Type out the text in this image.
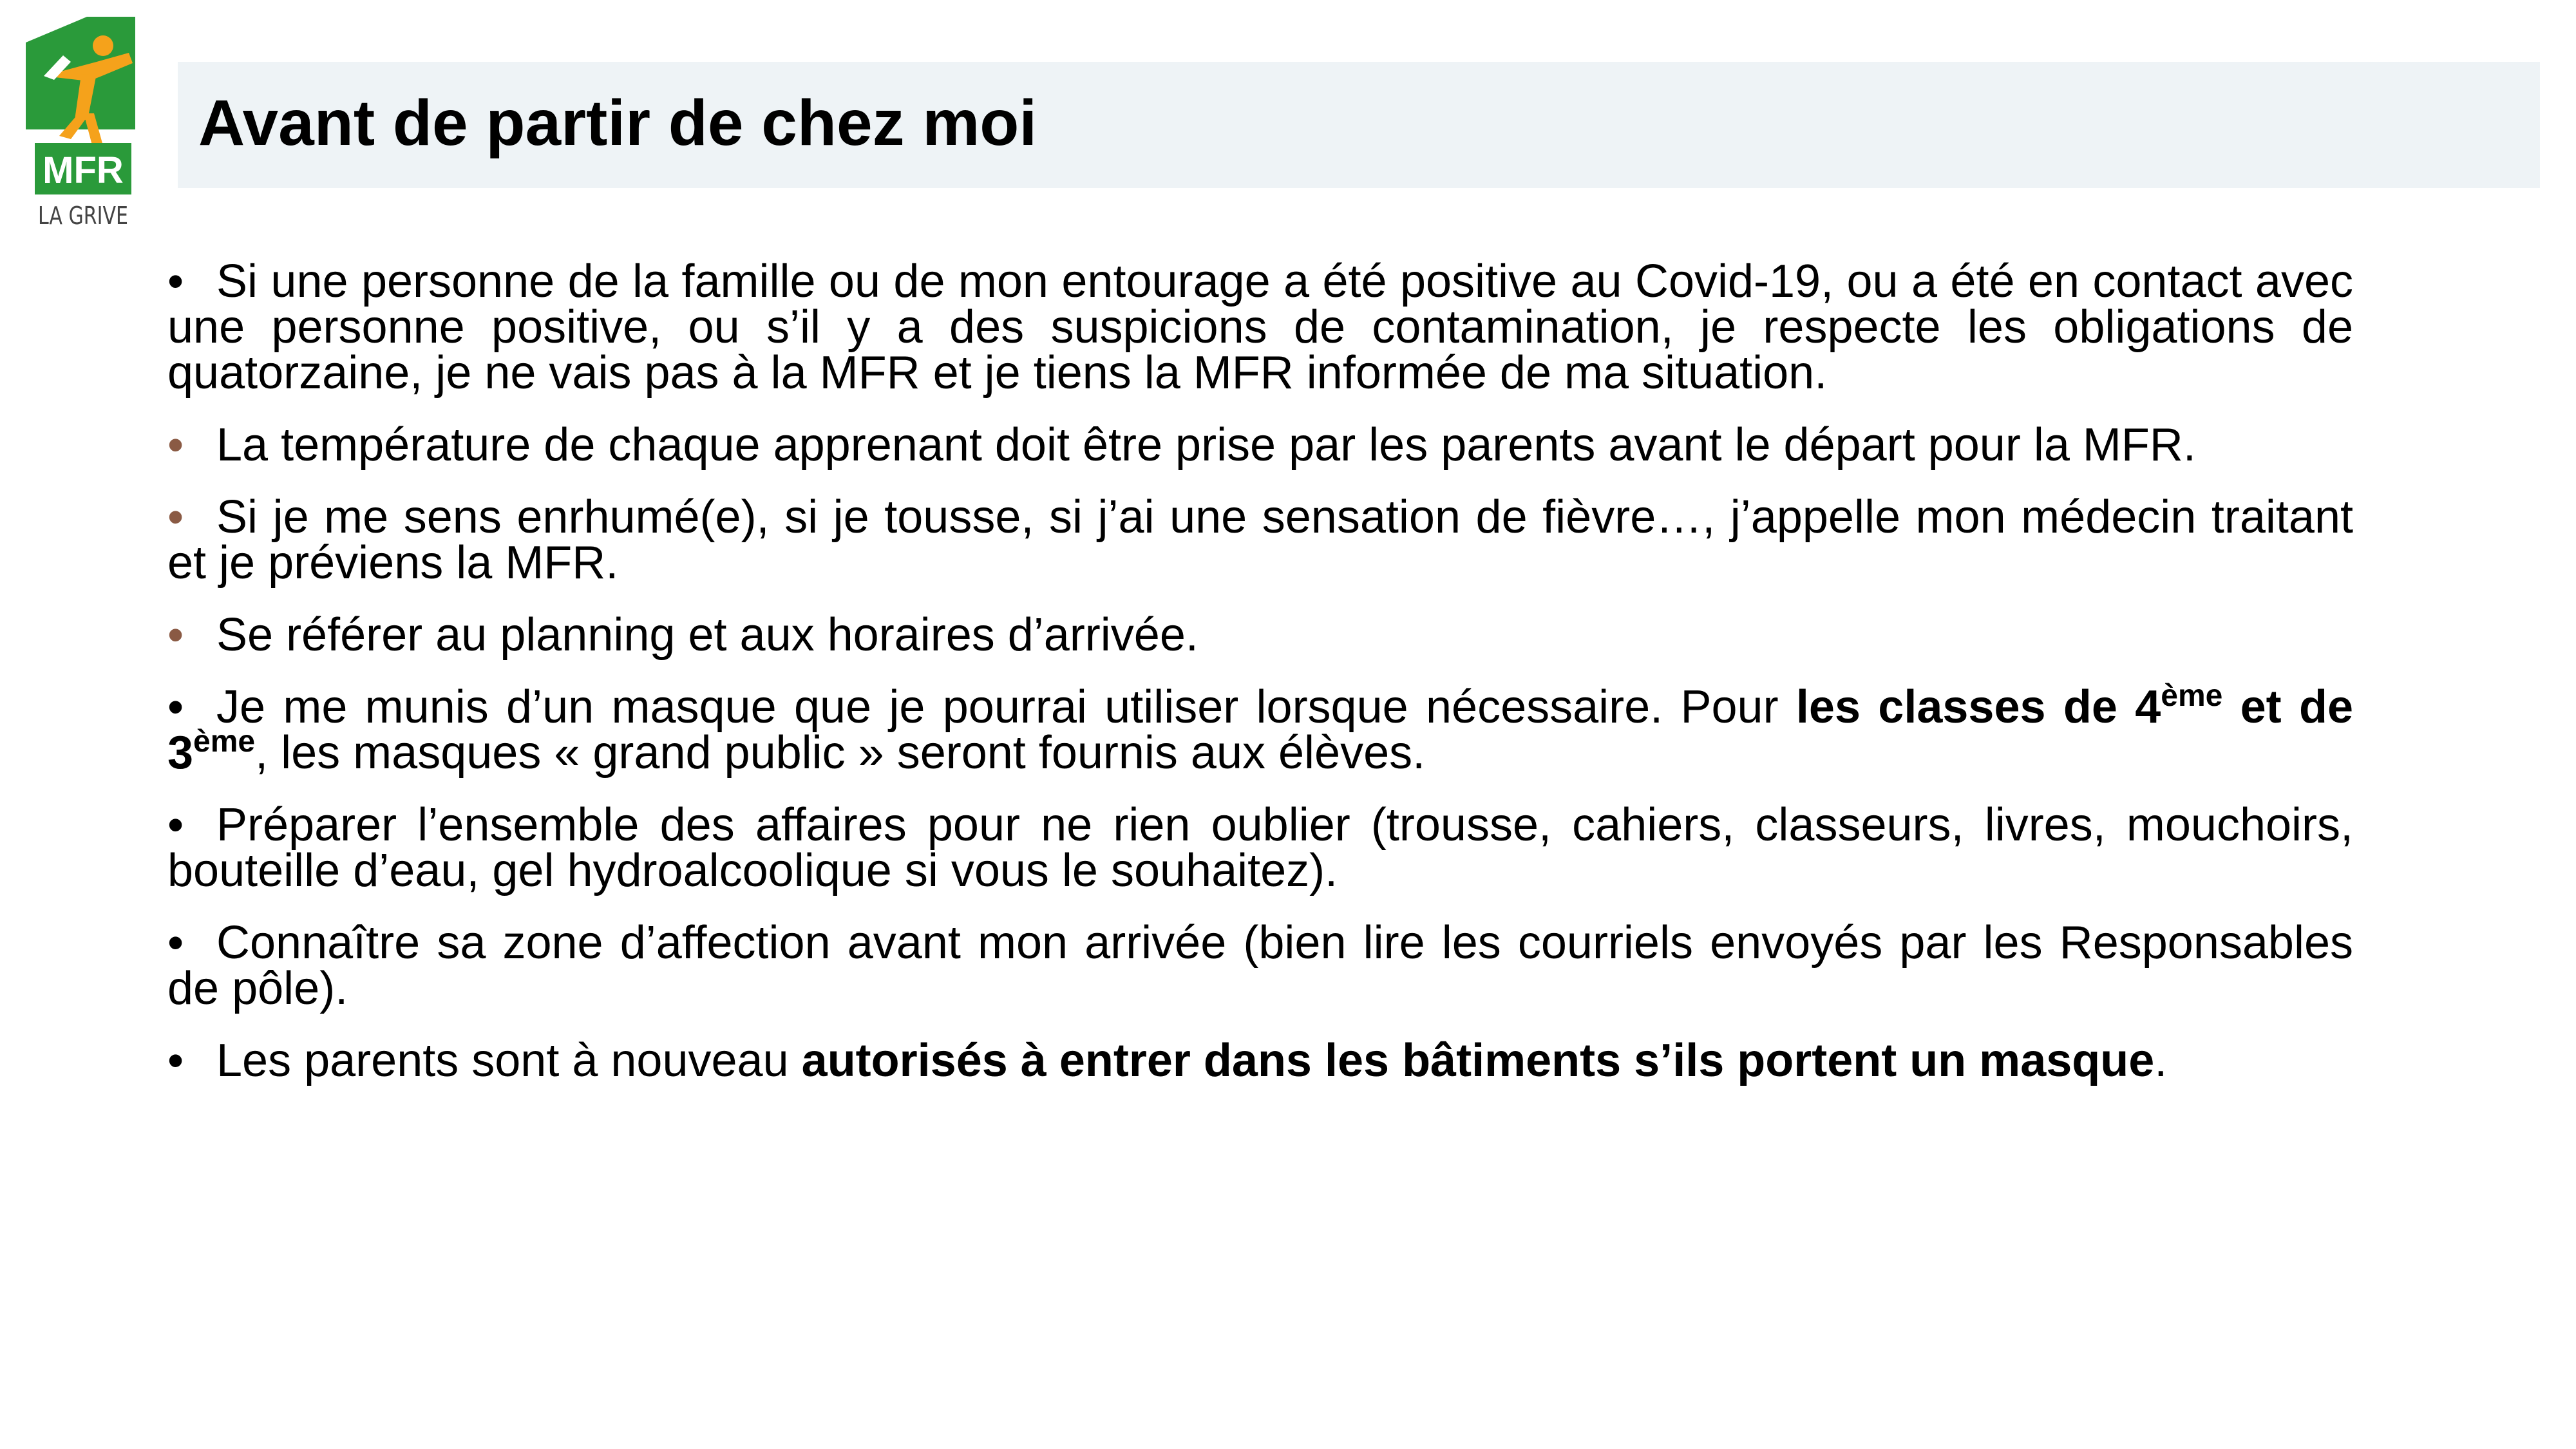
MFR
LA GRIVE
Avant de partir de chez moi

• Si une personne de la famille ou de mon entourage a été positive au Covid-19, ou a été en contact avec une personne positive, ou s’il y a des suspicions de contamination, je respecte les obligations de quatorzaine, je ne vais pas à la MFR et je tiens la MFR informée de ma situation.

• La température de chaque apprenant doit être prise par les parents avant le départ pour la MFR.

• Si je me sens enrhumé(e), si je tousse, si j’ai une sensation de fièvre…, j’appelle mon médecin traitant et je préviens la MFR.

• Se référer au planning et aux horaires d’arrivée.

• Je me munis d’un masque que je pourrai utiliser lorsque nécessaire. Pour les classes de 4ème et de 3ème, les masques « grand public » seront fournis aux élèves.

• Préparer l’ensemble des affaires pour ne rien oublier (trousse, cahiers, classeurs, livres, mouchoirs, bouteille d’eau, gel hydroalcoolique si vous le souhaitez).

• Connaître sa zone d’affection avant mon arrivée (bien lire les courriels envoyés par les Responsables de pôle).

• Les parents sont à nouveau autorisés à entrer dans les bâtiments s’ils portent un masque.
